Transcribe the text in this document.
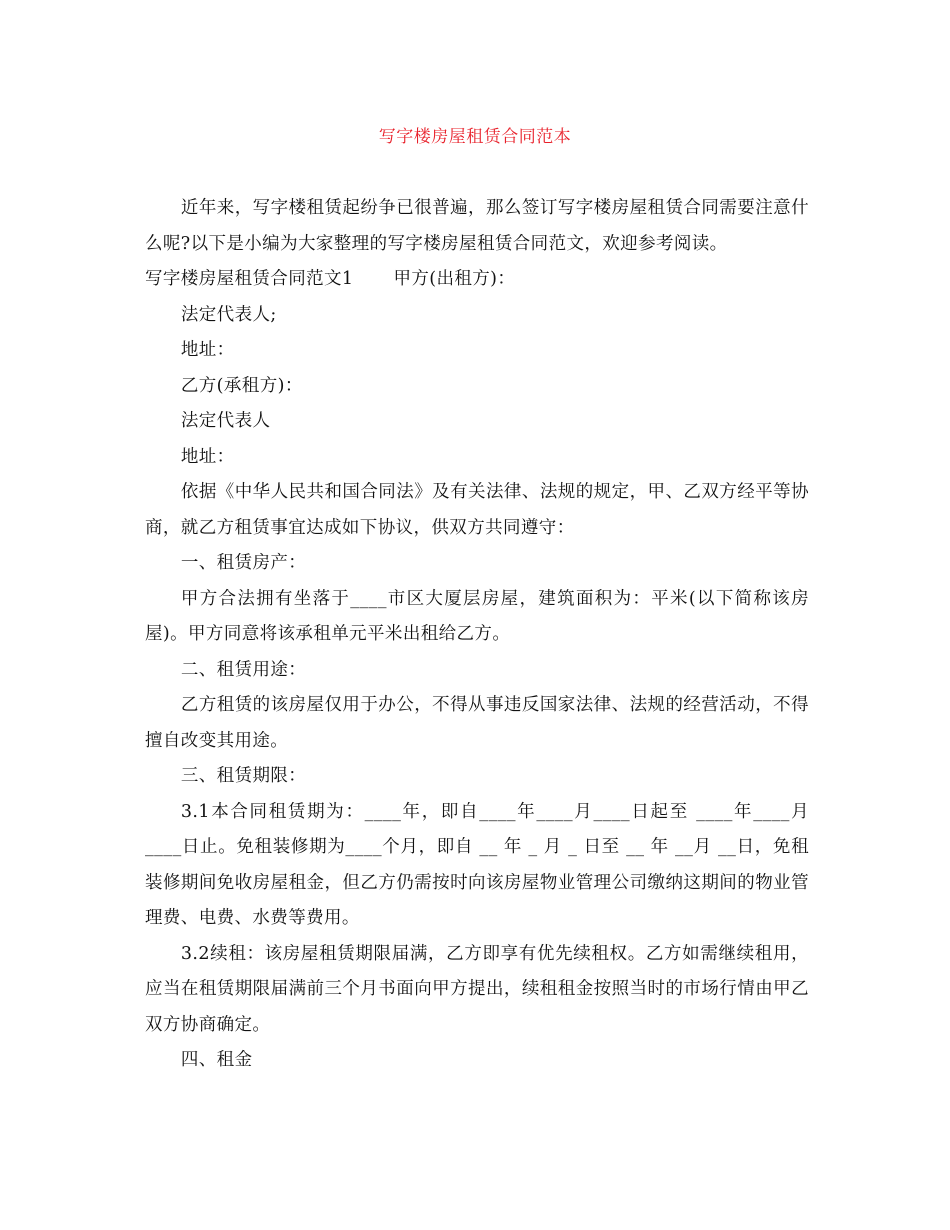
写字楼房屋租赁合同范本

近年来，写字楼租赁起纷争已很普遍，那么签订写字楼房屋租赁合同需要注意什么呢?以下是小编为大家整理的写字楼房屋租赁合同范文，欢迎参考阅读。

写字楼房屋租赁合同范文1 甲方(出租方)：

法定代表人;

地址：

乙方(承租方)：

法定代表人

地址：

依据《中华人民共和国合同法》及有关法律、法规的规定，甲、乙双方经平等协商，就乙方租赁事宜达成如下协议，供双方共同遵守：

一、租赁房产：

甲方合法拥有坐落于____市区大厦层房屋，建筑面积为：平米(以下简称该房屋)。甲方同意将该承租单元平米出租给乙方。

二、租赁用途：

乙方租赁的该房屋仅用于办公，不得从事违反国家法律、法规的经营活动，不得擅自改变其用途。

三、租赁期限：

3.1本合同租赁期为：____年，即自____年____月____日起至 ____年____月____日止。免租装修期为____个月，即自 __ 年 _ 月 _ 日至 __ 年 __月 __日，免租装修期间免收房屋租金，但乙方仍需按时向该房屋物业管理公司缴纳这期间的物业管理费、电费、水费等费用。

3.2续租：该房屋租赁期限届满，乙方即享有优先续租权。乙方如需继续租用，应当在租赁期限届满前三个月书面向甲方提出，续租租金按照当时的市场行情由甲乙双方协商确定。

四、租金
